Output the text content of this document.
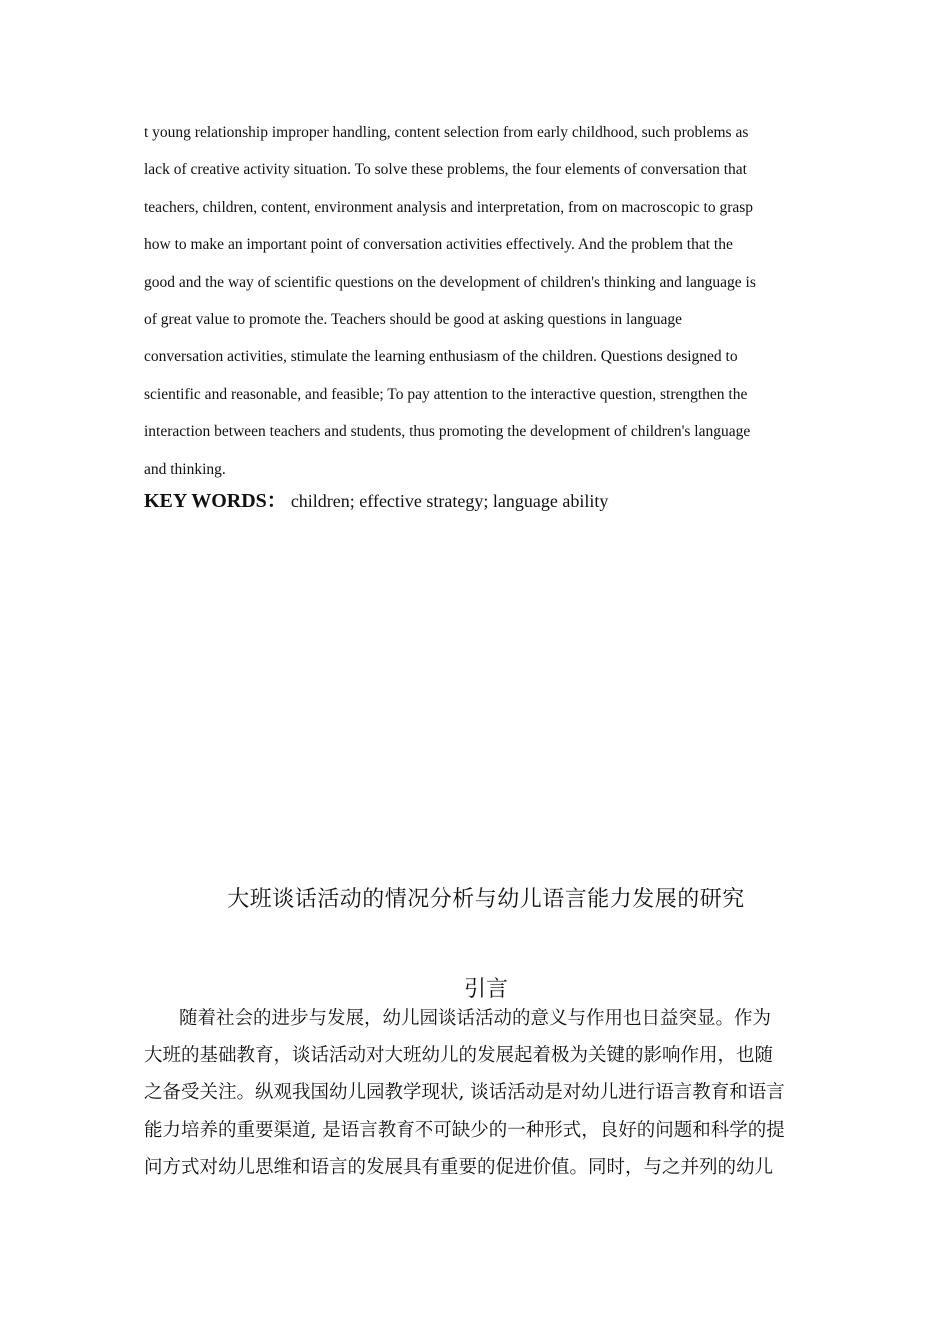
t young relationship improper handling, content selection from early childhood, such problems as
lack of creative activity situation. To solve these problems, the four elements of conversation that
teachers, children, content, environment analysis and interpretation, from on macroscopic to grasp
how to make an important point of conversation activities effectively. And the problem that the
good and the way of scientific questions on the development of children's thinking and language is
of great value to promote the. Teachers should be good at asking questions in language
conversation activities, stimulate the learning enthusiasm of the children. Questions designed to
scientific and reasonable, and feasible; To pay attention to the interactive question, strengthen the
interaction between teachers and students, thus promoting the development of children's language
and thinking.
KEY WORDS： children; effective strategy; language ability
大班谈话活动的情况分析与幼儿语言能力发展的研究
引言
随着社会的进步与发展，幼儿园谈话活动的意义与作用也日益突显。作为
大班的基础教育，谈话活动对大班幼儿的发展起着极为关键的影响作用，也随
之备受关注。纵观我国幼儿园教学现状, 谈话活动是对幼儿进行语言教育和语言
能力培养的重要渠道, 是语言教育不可缺少的一种形式，良好的问题和科学的提
问方式对幼儿思维和语言的发展具有重要的促进价值。同时，与之并列的幼儿
